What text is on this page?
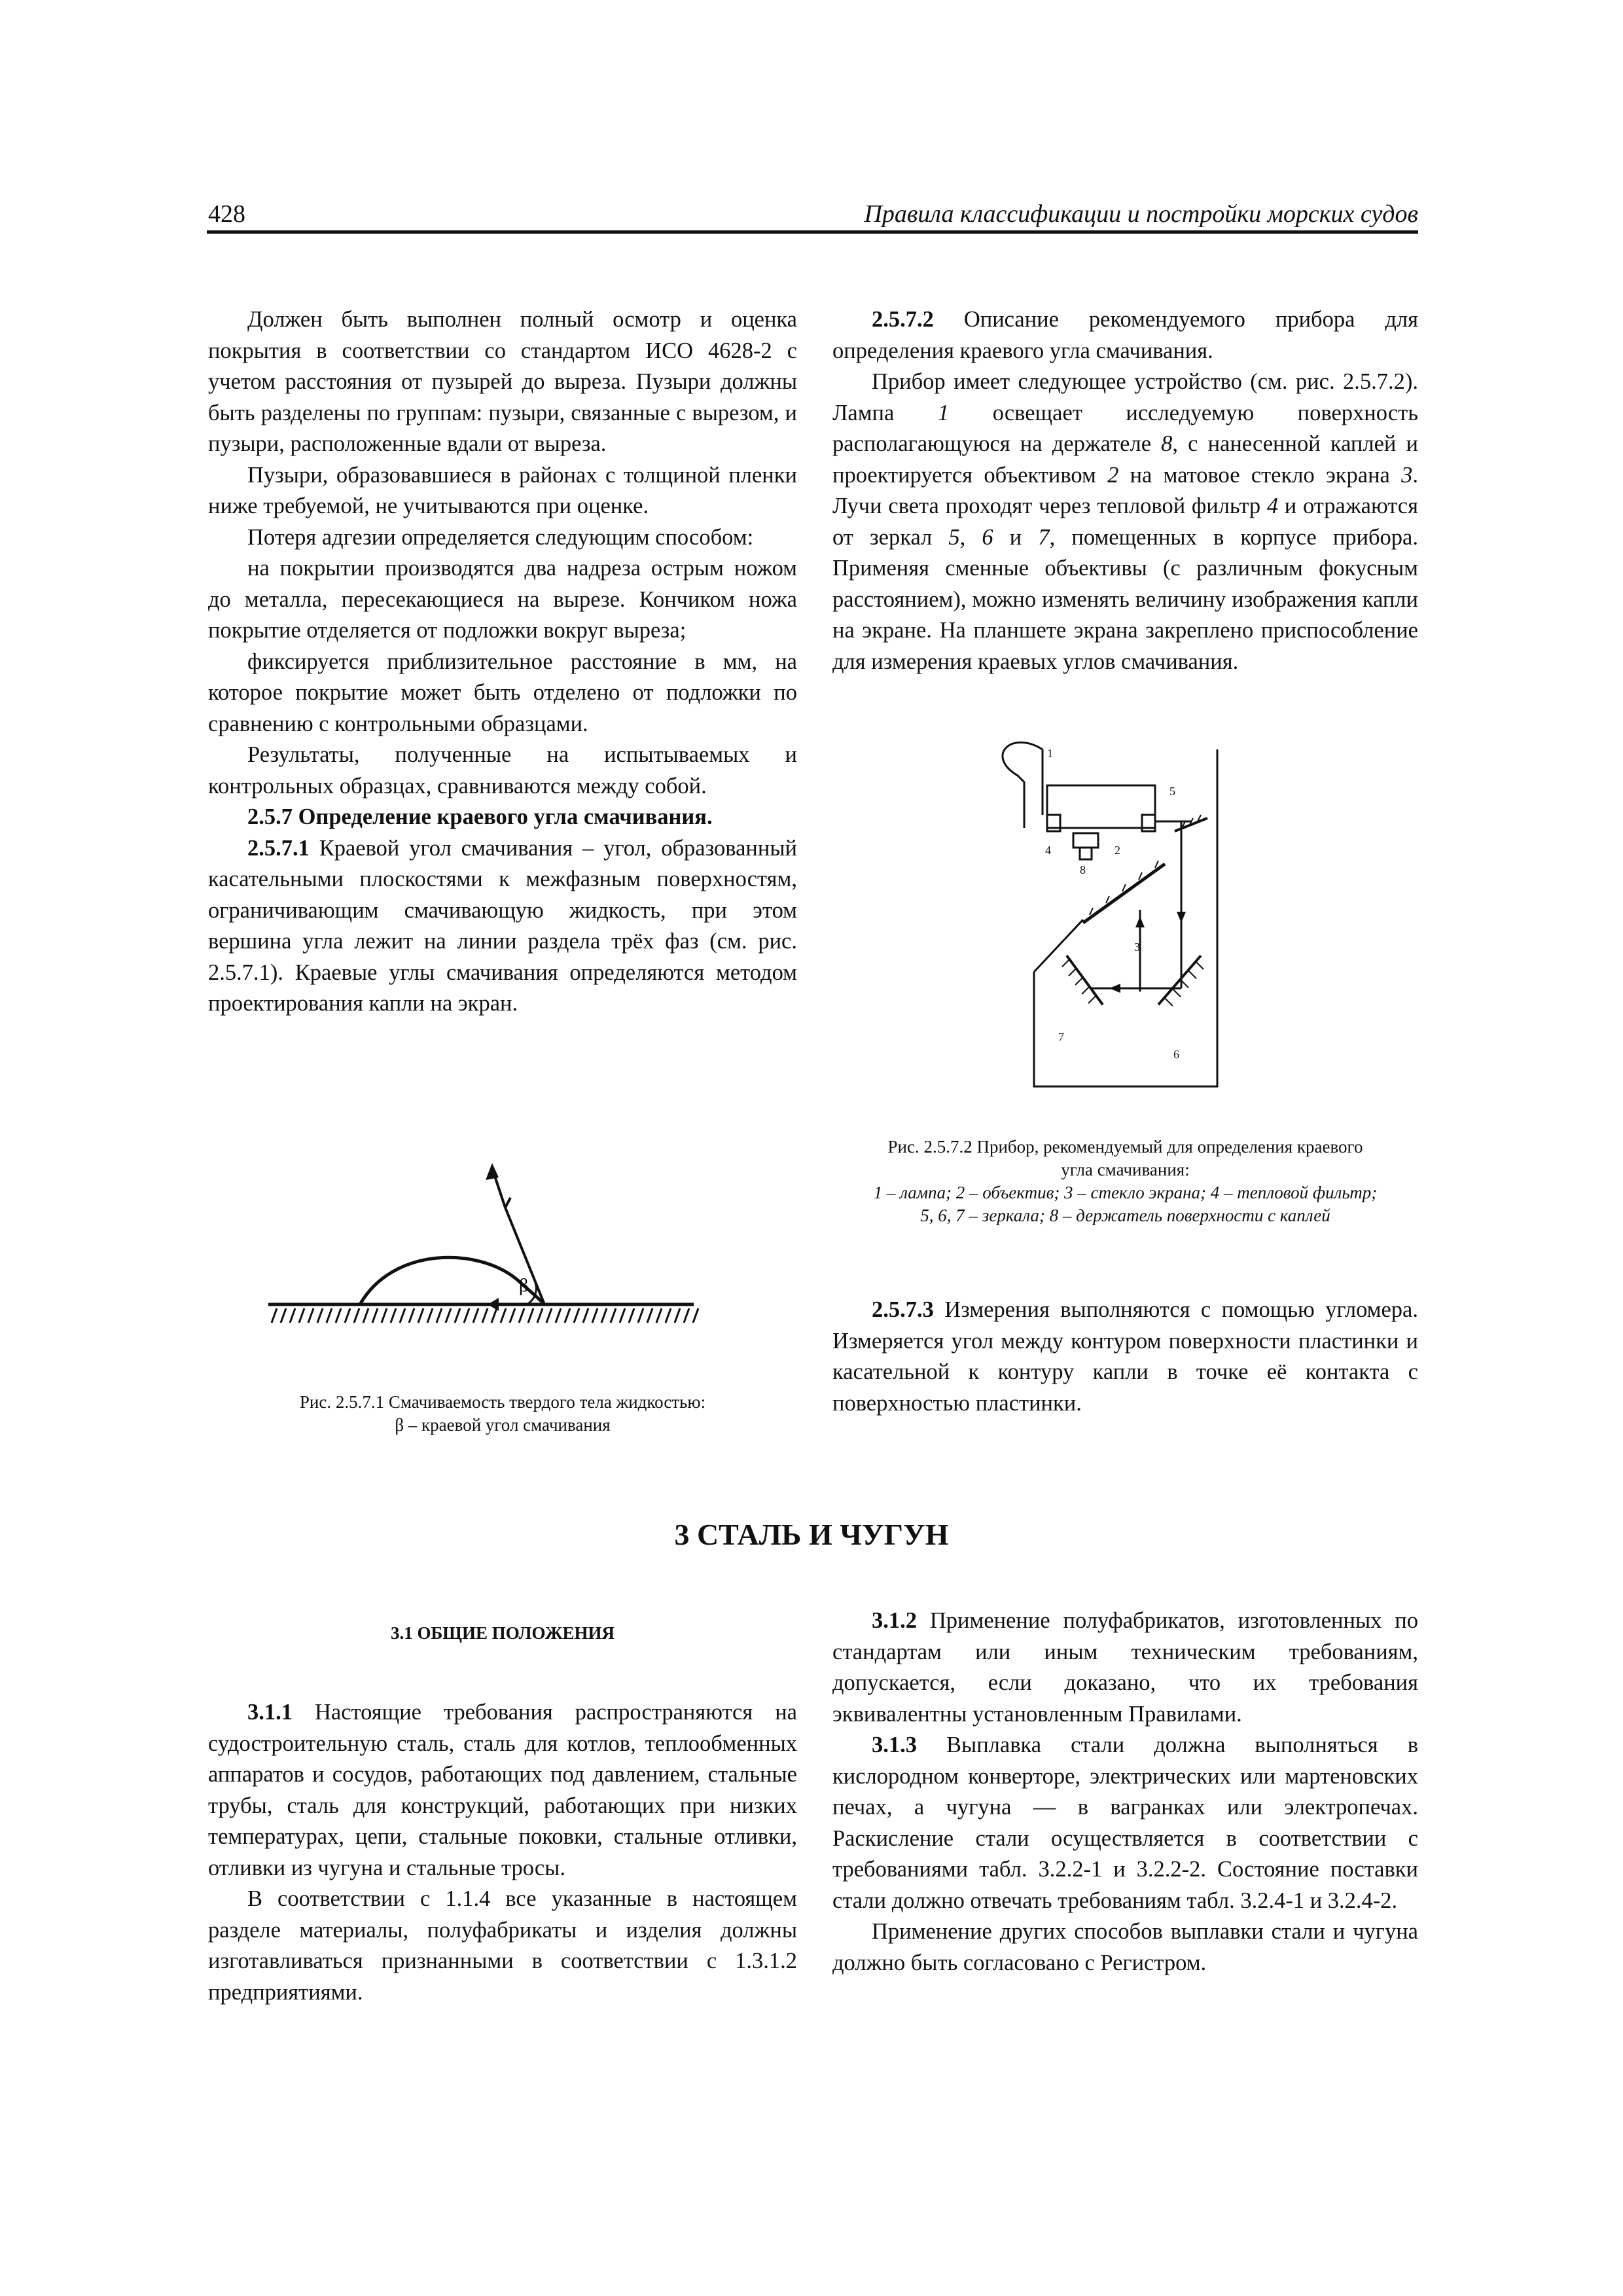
428	Правила классификации и постройки морских судов

Должен быть выполнен полный осмотр и оценка покрытия в соответствии со стандартом ИСО 4628-2 с учетом расстояния от пузырей до выреза. Пузыри должны быть разделены по группам: пузыри, связанные с вырезом, и пузыри, расположенные вдали от выреза.

Пузыри, образовавшиеся в районах с толщиной пленки ниже требуемой, не учитываются при оценке.

Потеря адгезии определяется следующим способом:

на покрытии производятся два надреза острым ножом до металла, пересекающиеся на вырезе. Кончиком ножа покрытие отделяется от подложки вокруг выреза;

фиксируется приблизительное расстояние в мм, на которое покрытие может быть отделено от подложки по сравнению с контрольными образцами.

Результаты, полученные на испытываемых и контрольных образцах, сравниваются между собой.

2.5.7 Определение краевого угла смачивания.

2.5.7.1 Краевой угол смачивания – угол, образованный касательными плоскостями к межфазным поверхностям, ограничивающим смачивающую жидкость, при этом вершина угла лежит на линии раздела трёх фаз (см. рис. 2.5.7.1). Краевые углы смачивания определяются методом проектирования капли на экран.

β
Рис. 2.5.7.1 Смачиваемость твердого тела жидкостью:
β – краевой угол смачивания

2.5.7.2 Описание рекомендуемого прибора для определения краевого угла смачивания.

Прибор имеет следующее устройство (см. рис. 2.5.7.2). Лампа 1 освещает исследуемую поверхность располагающуюся на держателе 8, с нанесенной каплей и проектируется объективом 2 на матовое стекло экрана 3. Лучи света проходят через тепловой фильтр 4 и отражаются от зеркал 5, 6 и 7, помещенных в корпусе прибора. Применяя сменные объективы (с различным фокусным расстоянием), можно изменять величину изображения капли на экране. На планшете экрана закреплено приспособление для измерения краевых углов смачивания.

1
2
3
4
5
6
7
8
Рис. 2.5.7.2 Прибор, рекомендуемый для определения краевого
угла смачивания:
1 – лампа; 2 – объектив; 3 – стекло экрана; 4 – тепловой фильтр;
5, 6, 7 – зеркала; 8 – держатель поверхности с каплей

2.5.7.3 Измерения выполняются с помощью угломера. Измеряется угол между контуром поверхности пластинки и касательной к контуру капли в точке её контакта с поверхностью пластинки.

3 СТАЛЬ И ЧУГУН
3.1 ОБЩИЕ ПОЛОЖЕНИЯ

3.1.1 Настоящие требования распространяются на судостроительную сталь, сталь для котлов, теплообменных аппаратов и сосудов, работающих под давлением, стальные трубы, сталь для конструкций, работающих при низких температурах, цепи, стальные поковки, стальные отливки, отливки из чугуна и стальные тросы.

В соответствии с 1.1.4 все указанные в настоящем разделе материалы, полуфабрикаты и изделия должны изготавливаться признанными в соответствии с 1.3.1.2 предприятиями.

3.1.2 Применение полуфабрикатов, изготовленных по стандартам или иным техническим требованиям, допускается, если доказано, что их требования эквивалентны установленным Правилами.

3.1.3 Выплавка стали должна выполняться в кислородном конверторе, электрических или мартеновских печах, а чугуна — в вагранках или электропечах. Раскисление стали осуществляется в соответствии с требованиями табл. 3.2.2-1 и 3.2.2-2. Состояние поставки стали должно отвечать требованиям табл. 3.2.4-1 и 3.2.4-2.

Применение других способов выплавки стали и чугуна должно быть согласовано с Регистром.
